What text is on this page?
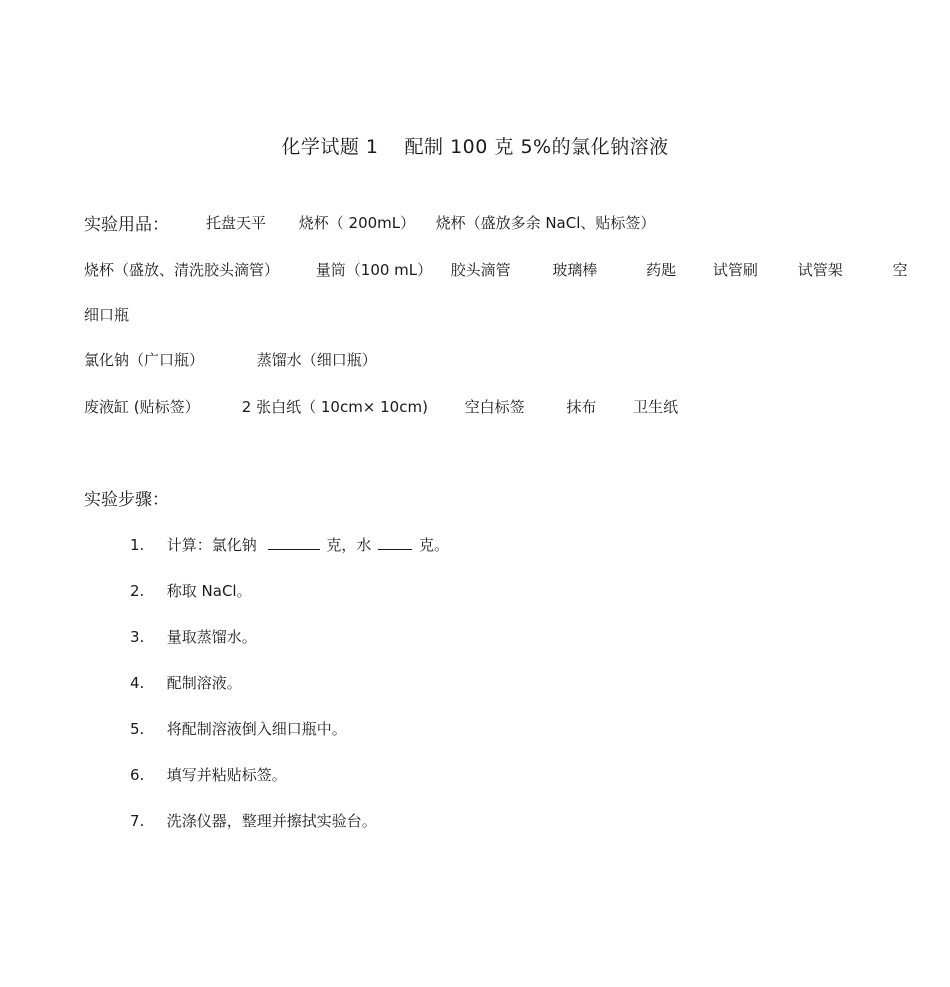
化学试题 1　 配制 100 克 5%的氯化钠溶液
实验用品： 托盘天平 烧杯（ 200mL） 烧杯（盛放多余 NaCl、贴标签）
烧杯（盛放、清洗胶头滴管） 量筒（100 mL） 胶头滴管	玻璃棒	药匙 试管刷	试管架	空
细口瓶
氯化钠（广口瓶）	蒸馏水（细口瓶）
废液缸 (贴标签）	2 张白纸（ 10cm× 10cm) 空白标签	抹布 卫生纸
实验步骤：
1. 计算：氯化钠	克，水	克。
2. 称取 NaCl。
3. 量取蒸馏水。
4. 配制溶液。
5. 将配制溶液倒入细口瓶中。
6. 填写并粘贴标签。
7. 洗涤仪器，整理并擦拭实验台。
